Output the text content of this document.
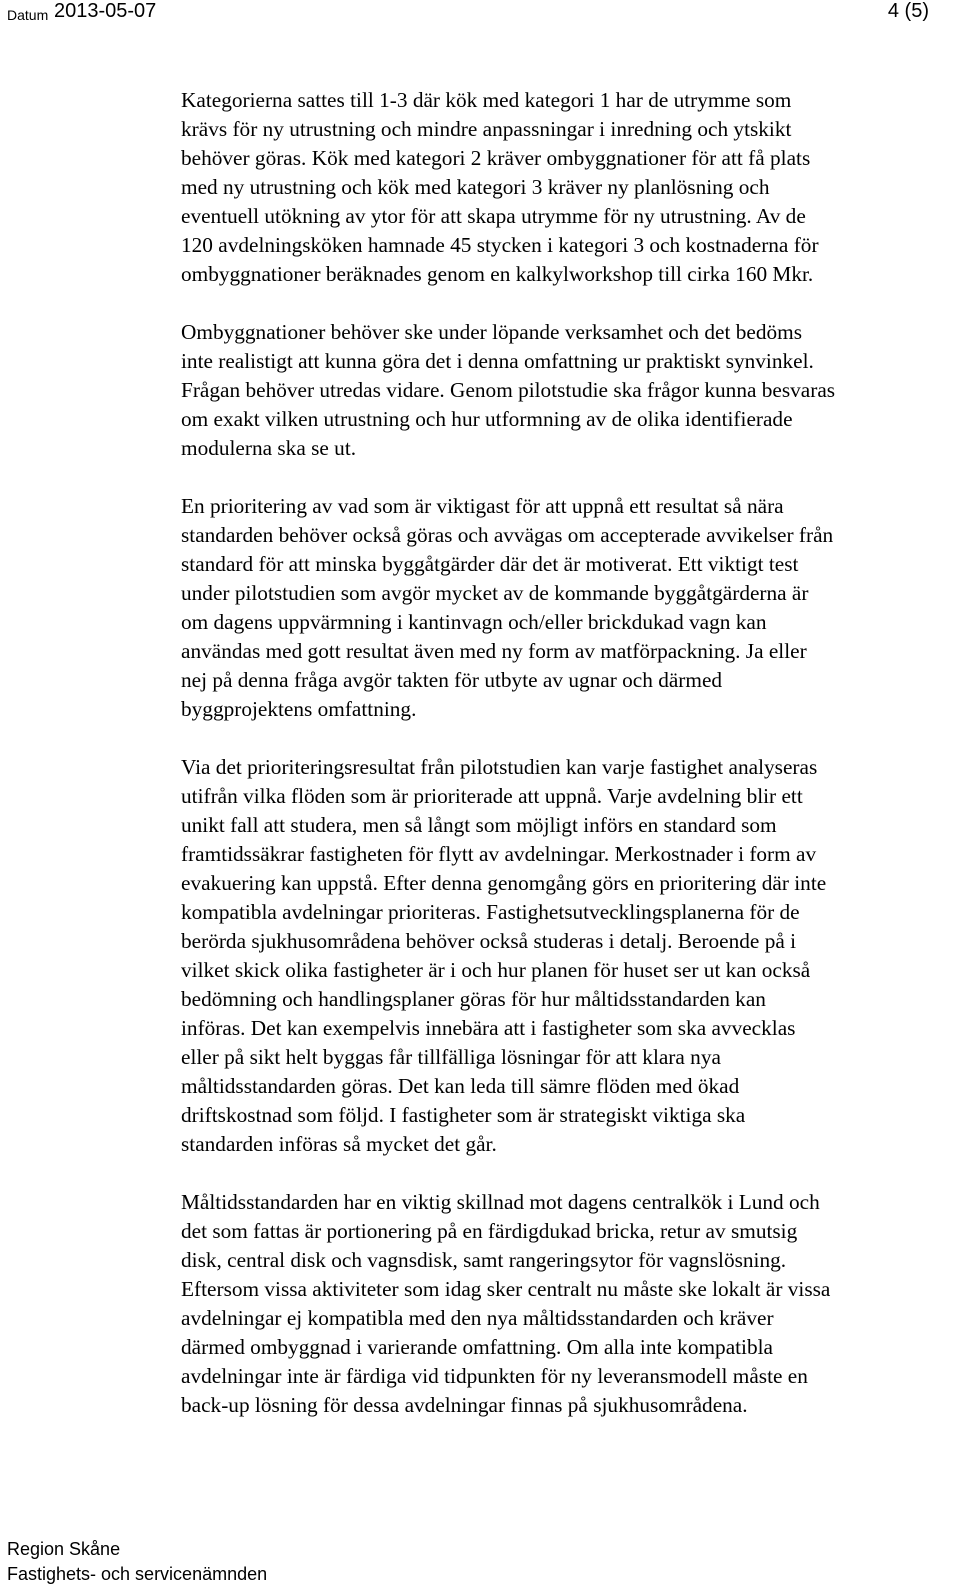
Datum 2013-05-07	4 (5)

Kategorierna sattes till 1-3 där kök med kategori 1 har de utrymme som
krävs för ny utrustning och mindre anpassningar i inredning och ytskikt
behöver göras. Kök med kategori 2 kräver ombyggnationer för att få plats
med ny utrustning och kök med kategori 3 kräver ny planlösning och
eventuell utökning av ytor för att skapa utrymme för ny utrustning. Av de
120 avdelningsköken hamnade 45 stycken i kategori 3 och kostnaderna för
ombyggnationer beräknades genom en kalkylworkshop till cirka 160 Mkr.

Ombyggnationer behöver ske under löpande verksamhet och det bedöms
inte realistigt att kunna göra det i denna omfattning ur praktiskt synvinkel.
Frågan behöver utredas vidare. Genom pilotstudie ska frågor kunna besvaras
om exakt vilken utrustning och hur utformning av de olika identifierade
modulerna ska se ut.

En prioritering av vad som är viktigast för att uppnå ett resultat så nära
standarden behöver också göras och avvägas om accepterade avvikelser från
standard för att minska byggåtgärder där det är motiverat. Ett viktigt test
under pilotstudien som avgör mycket av de kommande byggåtgärderna är
om dagens uppvärmning i kantinvagn och/eller brickdukad vagn kan
användas med gott resultat även med ny form av matförpackning. Ja eller
nej på denna fråga avgör takten för utbyte av ugnar och därmed
byggprojektens omfattning.

Via det prioriteringsresultat från pilotstudien kan varje fastighet analyseras
utifrån vilka flöden som är prioriterade att uppnå. Varje avdelning blir ett
unikt fall att studera, men så långt som möjligt införs en standard som
framtidssäkrar fastigheten för flytt av avdelningar. Merkostnader i form av
evakuering kan uppstå. Efter denna genomgång görs en prioritering där inte
kompatibla avdelningar prioriteras. Fastighetsutvecklingsplanerna för de
berörda sjukhusområdena behöver också studeras i detalj. Beroende på i
vilket skick olika fastigheter är i och hur planen för huset ser ut kan också
bedömning och handlingsplaner göras för hur måltidsstandarden kan
införas. Det kan exempelvis innebära att i fastigheter som ska avvecklas
eller på sikt helt byggas får tillfälliga lösningar för att klara nya
måltidsstandarden göras. Det kan leda till sämre flöden med ökad
driftskostnad som följd. I fastigheter som är strategiskt viktiga ska
standarden införas så mycket det går.

Måltidsstandarden har en viktig skillnad mot dagens centralkök i Lund och
det som fattas är portionering på en färdigdukad bricka, retur av smutsig
disk, central disk och vagnsdisk, samt rangeringsytor för vagnslösning.
Eftersom vissa aktiviteter som idag sker centralt nu måste ske lokalt är vissa
avdelningar ej kompatibla med den nya måltidsstandarden och kräver
därmed ombyggnad i varierande omfattning. Om alla inte kompatibla
avdelningar inte är färdiga vid tidpunkten för ny leveransmodell måste en
back-up lösning för dessa avdelningar finnas på sjukhusområdena.

Region Skåne
Fastighets- och servicenämnden
